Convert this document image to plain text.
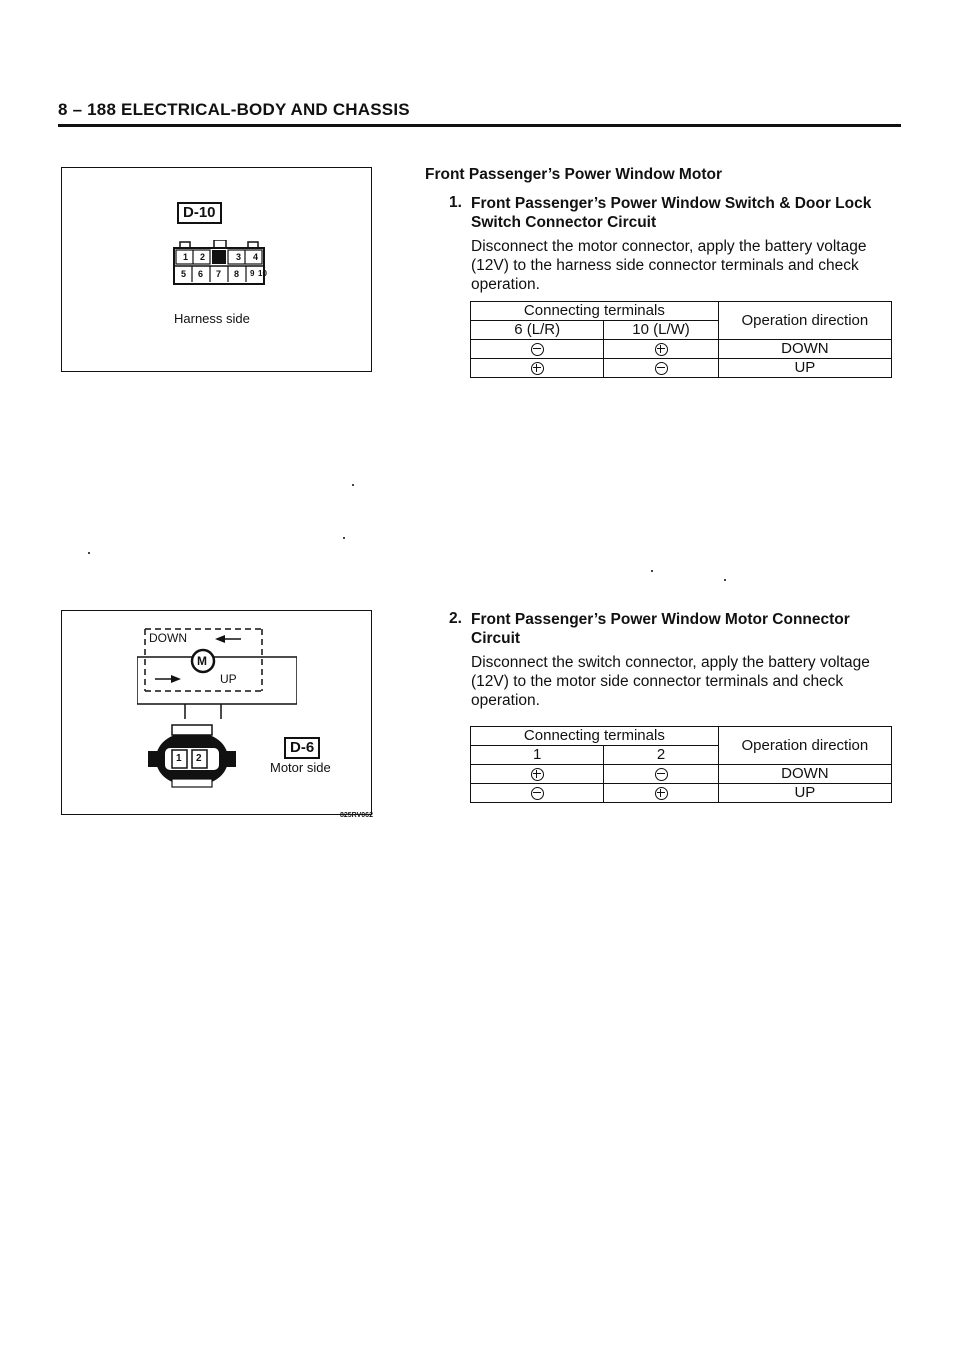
8 – 188 ELECTRICAL-BODY AND CHASSIS
D-10
1 2	3 4
5 6 7 8 9 10
Harness side
DOWN
M
UP
1 2
D-6
Motor side
825RV062
Front Passenger’s Power Window Motor
1. Front Passenger’s Power Window Switch & Door Lock Switch Connector Circuit
Disconnect the motor connector, apply the battery voltage (12V) to the harness side connector terminals and check operation.
Connecting terminals		Operation direction
6 (L/R)	10 (L/W)	
		DOWN
		UP
2. Front Passenger’s Power Window Motor Connector Circuit
Disconnect the switch connector, apply the battery voltage (12V) to the motor side connector terminals and check operation.
Connecting terminals		Operation direction
1	2	
		DOWN
		UP
